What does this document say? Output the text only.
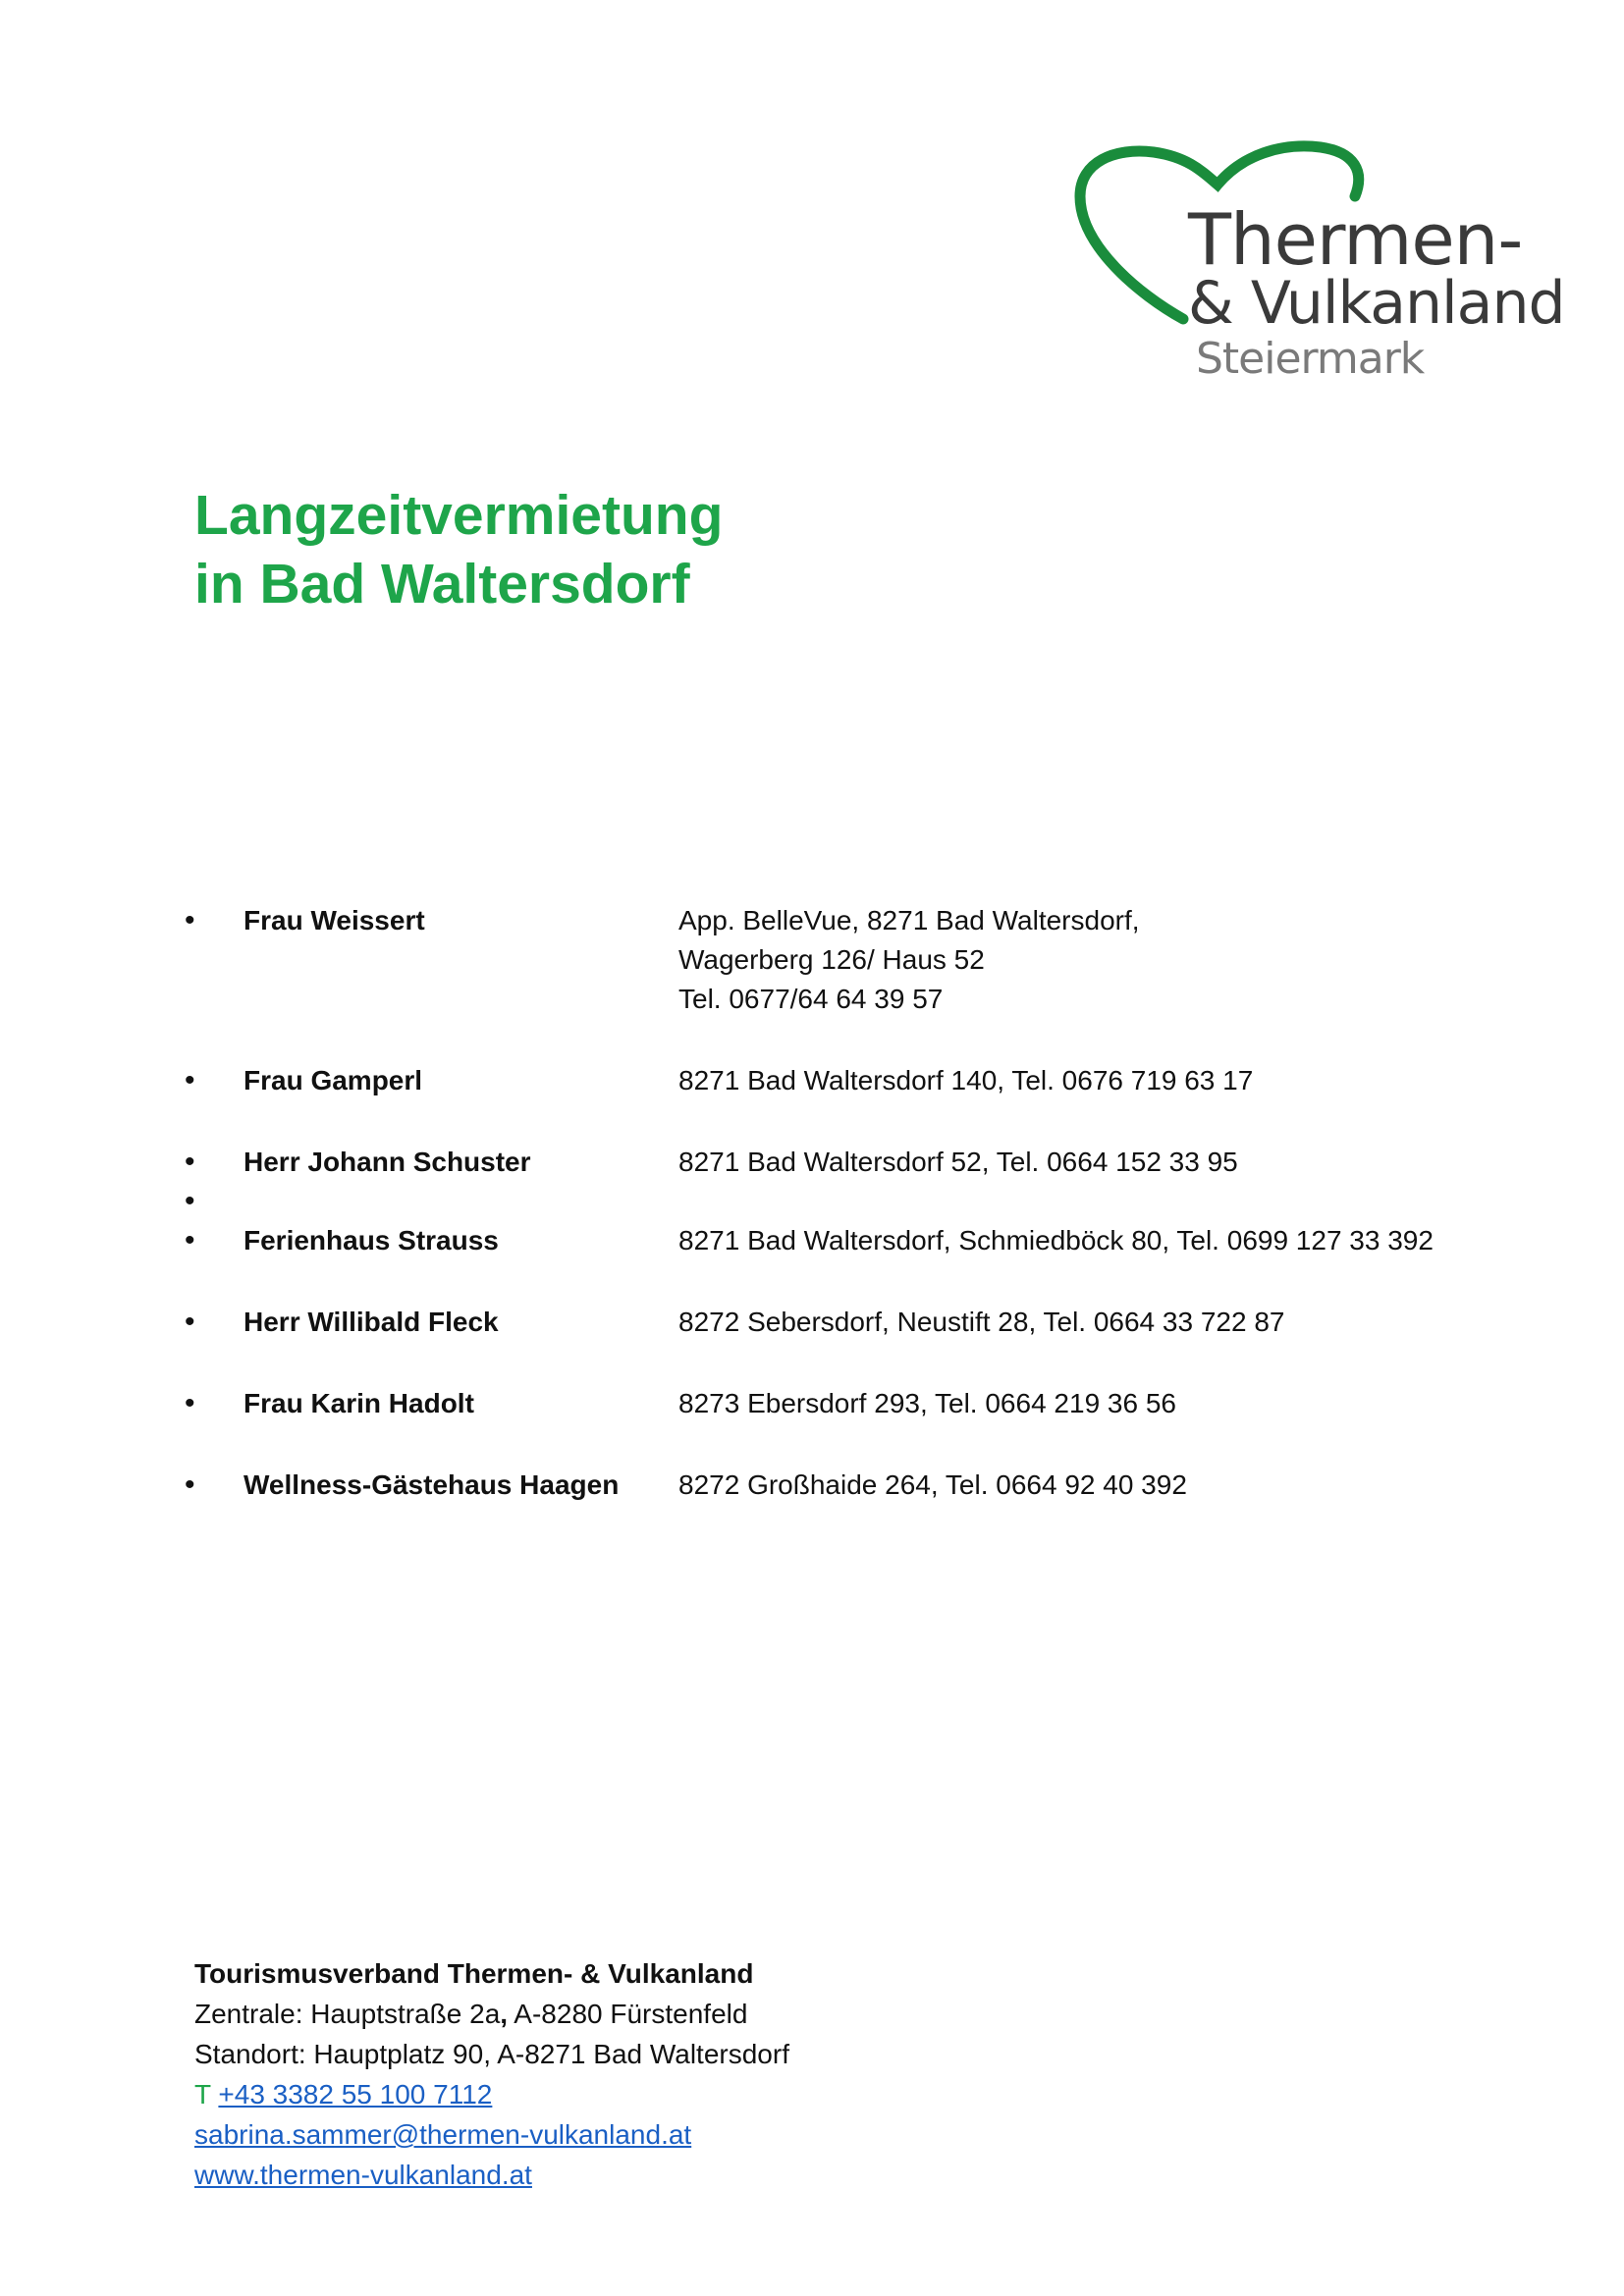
Thermen-
& Vulkanland
Steiermark
Langzeitvermietung
in Bad Waltersdorf
•	Frau Weissert	App. BelleVue, 8271 Bad Waltersdorf,
Wagerberg 126/ Haus 52
Tel. 0677/64 64 39 57
•	Frau Gamperl	8271 Bad Waltersdorf 140, Tel. 0676 719 63 17
•	Herr Johann Schuster	8271 Bad Waltersdorf 52, Tel. 0664 152 33 95
•
•	Ferienhaus Strauss	8271 Bad Waltersdorf, Schmiedböck 80, Tel. 0699 127 33 392
•	Herr Willibald Fleck	8272 Sebersdorf, Neustift 28, Tel. 0664 33 722 87
•	Frau Karin Hadolt	8273 Ebersdorf 293, Tel. 0664 219 36 56
•	Wellness-Gästehaus Haagen 8272 Großhaide 264, Tel. 0664 92 40 392
Tourismusverband Thermen- & Vulkanland
Zentrale: Hauptstraße 2a, A-8280 Fürstenfeld
Standort: Hauptplatz 90, A-8271 Bad Waltersdorf
T +43 3382 55 100 7112
sabrina.sammer@thermen-vulkanland.at
www.thermen-vulkanland.at
